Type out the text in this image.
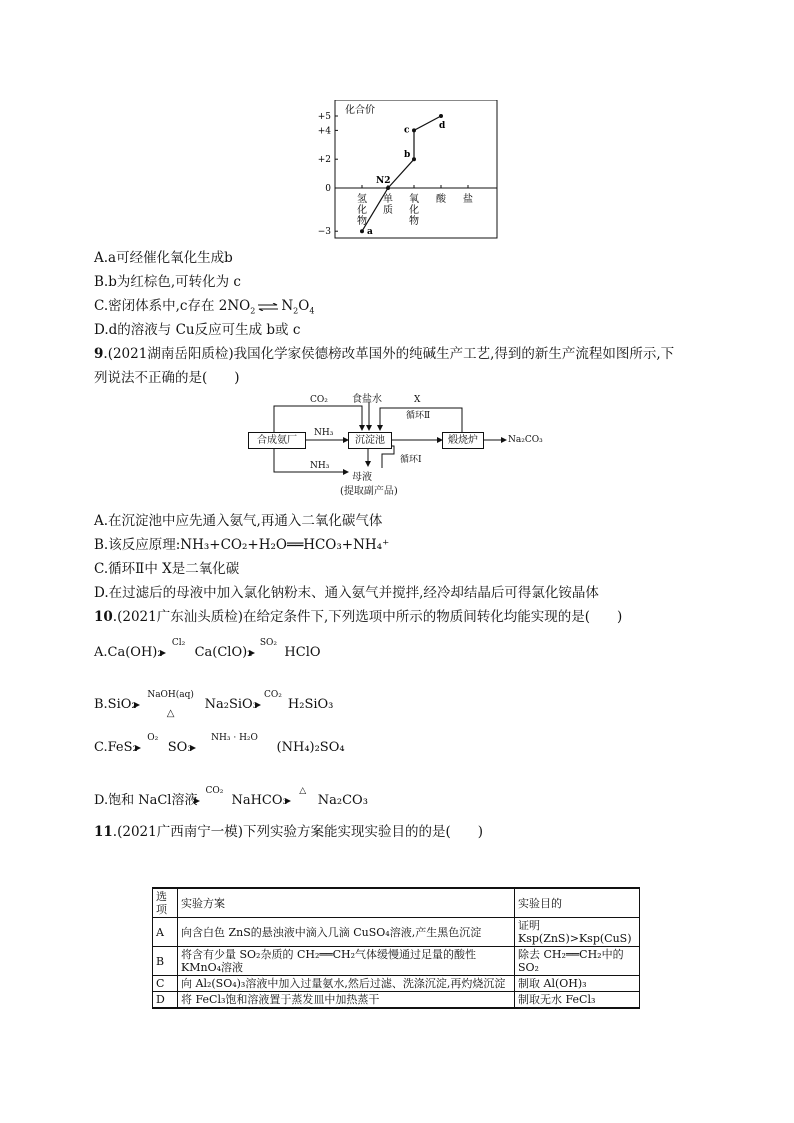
+5
+4
+2
0
−3
化合价
氢
化
物
单
质
氧
化
物
酸 盐
a
N2
b
c	d
A.a可经催化氧化生成b
B.b为红棕色,可转化为 c
C.密闭体系中,c存在 $2NO_2$ $N_2O_4$
D.d的溶液与 Cu反应可生成 b或 c
9.(2021湖南岳阳质检)我国化学家侯德榜改革国外的纯碱生产工艺,得到的新生产流程如图所示,下
列说法不正确的是(　　)
合成氨厂	沉淀池	煅烧炉	Na₂CO₃
CO₂ 食盐水	X
循环Ⅱ
NH₃
NH₃
循环Ⅰ
母液
(提取副产品)
A.在沉淀池中应先通入氨气,再通入二氧化碳气体
B.该反应原理:NH₃+CO₂+H₂O══HCO₃+NH₄⁺
C.循环Ⅱ中 X是二氧化碳
D.在过滤后的母液中加入氯化钠粉末、通入氨气并搅拌,经冷却结晶后可得氯化铵晶体
10.(2021广东汕头质检)在给定条件下,下列选项中所示的物质间转化均能实现的是(　　)
A.Ca(OH)₂
Cl₂
Ca(ClO)₂
SO₂
HClO
B.SiO₂
NaOH(aq)
△
Na₂SiO₃
CO₂
H₂SiO₃
C.FeS₂
O₂
SO₃
NH₃ · H₂O
(NH₄)₂SO₄
D.饱和 NaCl溶液
CO₂
NaHCO₃
△
Na₂CO₃
11.(2021广西南宁一模)下列实验方案能实现实验目的的是(　　)
选项	实验方案	实验目的
A	向含白色 ZnS的悬浊液中滴入几滴 CuSO₄溶液,产生黑色沉淀	证明 Ksp(ZnS)>Ksp(CuS)
B	将含有少量 SO₂杂质的 CH₂══CH₂气体缓慢通过足量的酸性 KMnO₄溶液	除去 CH₂══CH₂中的 SO₂
C	向 Al₂(SO₄)₃溶液中加入过量氨水,然后过滤、洗涤沉淀,再灼烧沉淀	制取 Al(OH)₃
D	将 FeCl₃饱和溶液置于蒸发皿中加热蒸干	制取无水 FeCl₃
